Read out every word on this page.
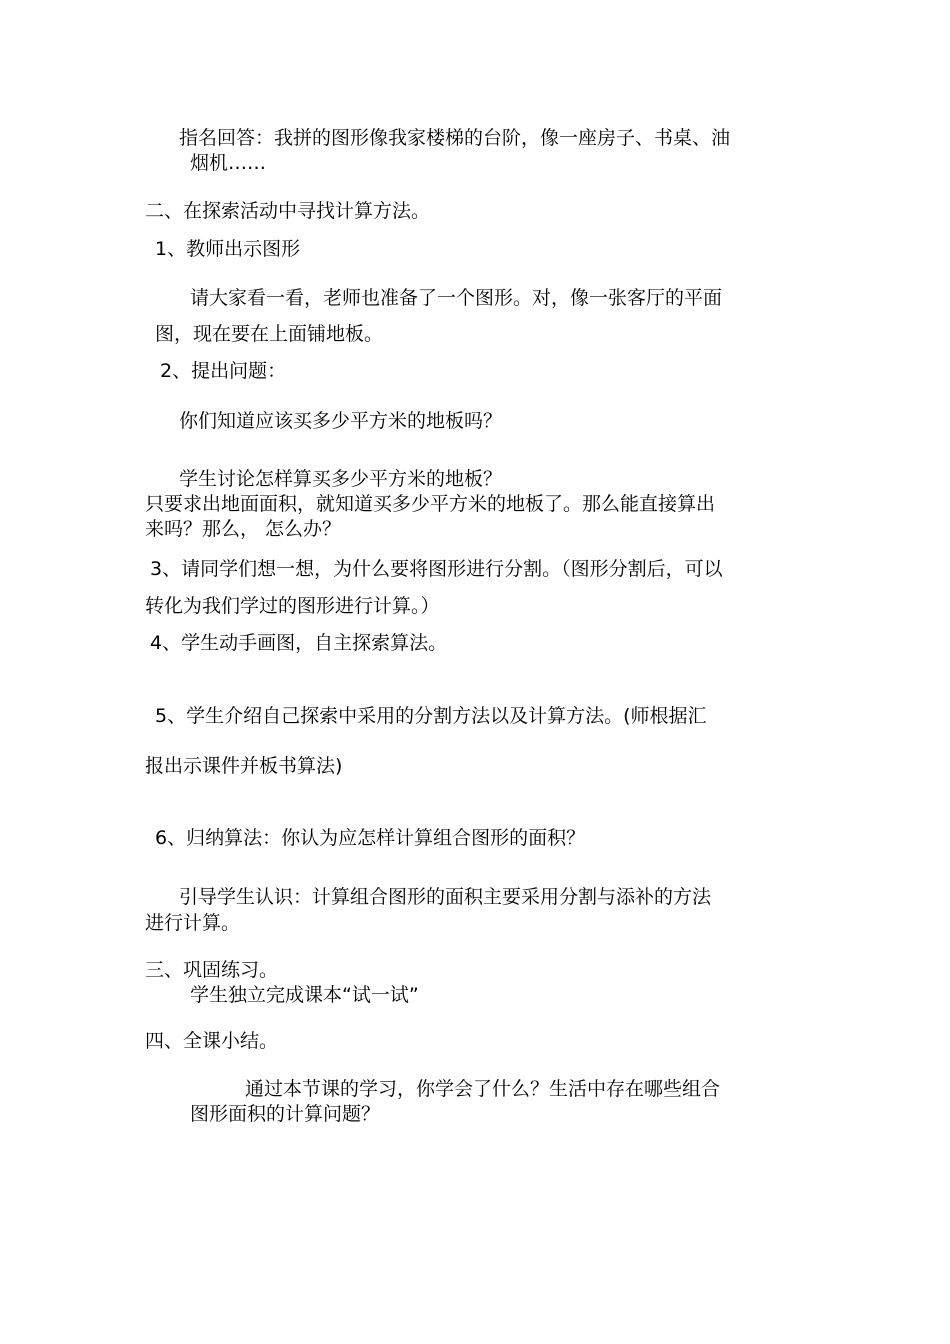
指名回答：我拼的图形像我家楼梯的台阶，像一座房子、书桌、油

烟机……

二、在探索活动中寻找计算方法。

1、教师出示图形

请大家看一看，老师也准备了一个图形。对，像一张客厅的平面

图，现在要在上面铺地板。

2、提出问题：

你们知道应该买多少平方米的地板吗？

学生讨论怎样算买多少平方米的地板？

只要求出地面面积，就知道买多少平方米的地板了。那么能直接算出

来吗？那么， 怎么办？

3、请同学们想一想，为什么要将图形进行分割。（图形分割后，可以

转化为我们学过的图形进行计算。）

4、学生动手画图，自主探索算法。

5、学生介绍自己探索中采用的分割方法以及计算方法。(师根据汇

报出示课件并板书算法)

6、归纳算法：你认为应怎样计算组合图形的面积？

引导学生认识：计算组合图形的面积主要采用分割与添补的方法

进行计算。

三、巩固练习。

学生独立完成课本“试一试”

四、全课小结。

通过本节课的学习，你学会了什么？生活中存在哪些组合

图形面积的计算问题？
